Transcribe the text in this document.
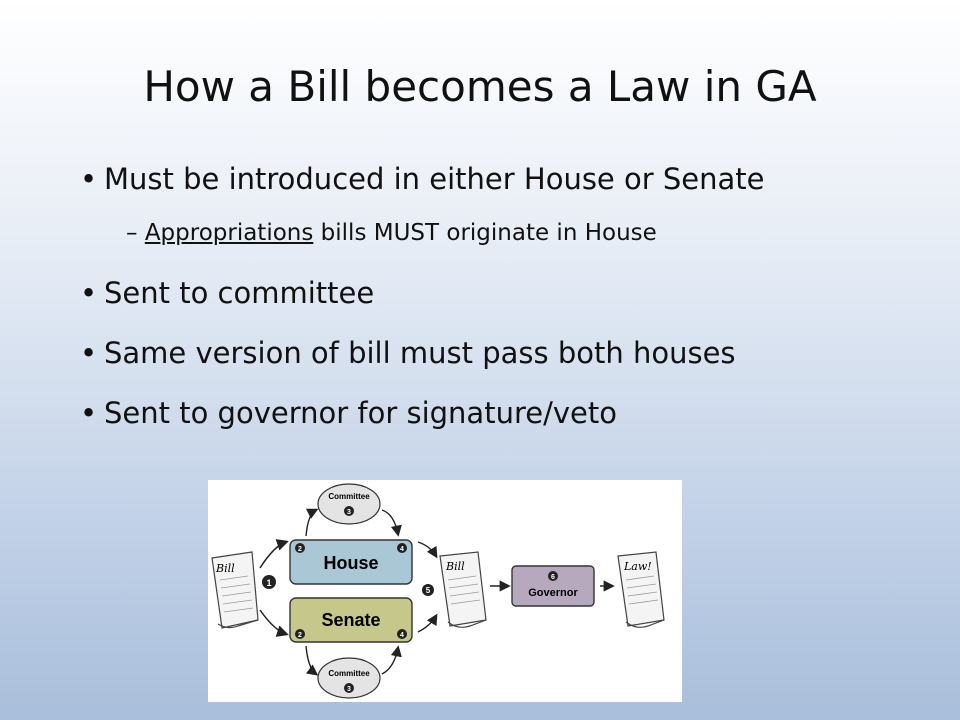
How a Bill becomes a Law in GA
• Must be introduced in either House or Senate
– Appropriations bills MUST originate in House
• Sent to committee
• Same version of bill must pass both houses
• Sent to governor for signature/veto
Bill
1
Committee
3
House
2	4
Senate
2	4
Committee
3
5
Bill
6
Governor
Law!
